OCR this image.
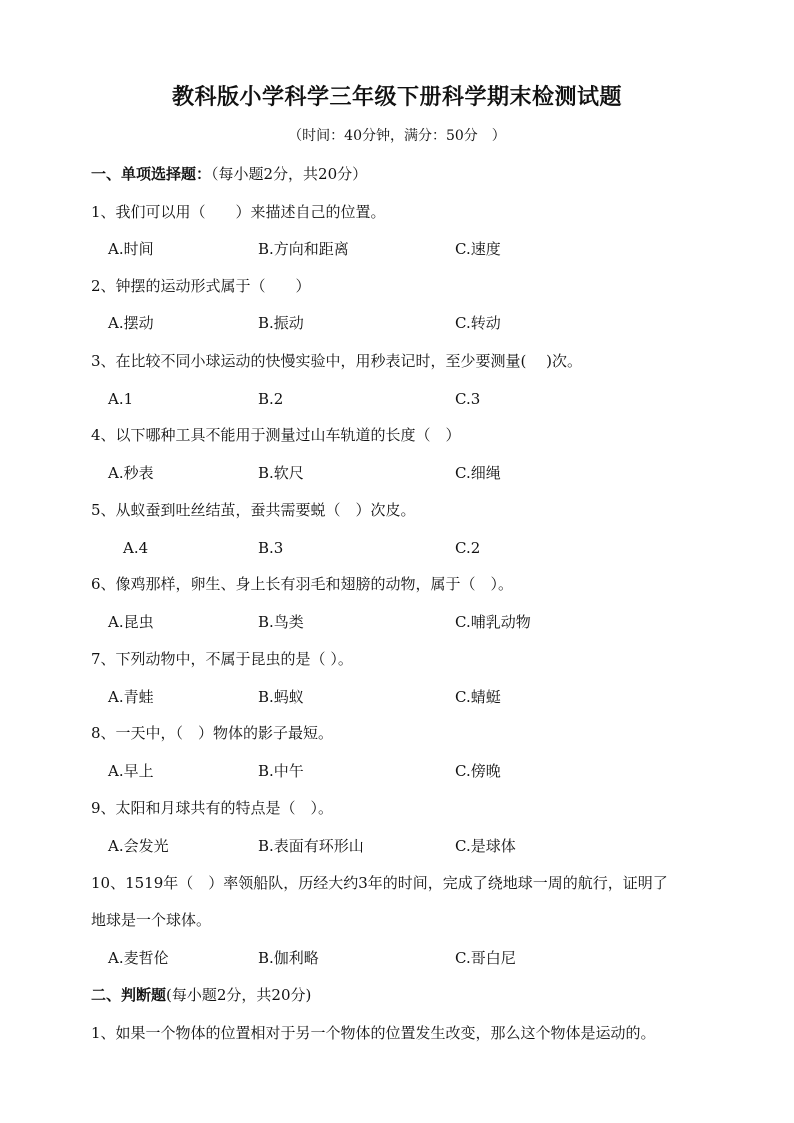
教科版小学科学三年级下册科学期末检测试题
（时间：40分钟，满分：50分　）
一、单项选择题：（每小题2分，共20分）
1、我们可以用（　　）来描述自己的位置。
A.时间	B.方向和距离	C.速度
2、钟摆的运动形式属于（　　）
A.摆动	B.振动	C.转动
3、在比较不同小球运动的快慢实验中，用秒表记时，至少要测量(　 )次。
A.1	B.2	C.3
4、以下哪种工具不能用于测量过山车轨道的长度（　）
A.秒表	B.软尺	C.细绳
5、从蚁蚕到吐丝结茧，蚕共需要蜕（　）次皮。
A.4	B.3	C.2
6、像鸡那样，卵生、身上长有羽毛和翅膀的动物，属于（　）。
A.昆虫	B.鸟类	C.哺乳动物
7、下列动物中，不属于昆虫的是（ ）。
A.青蛙	B.蚂蚁	C.蜻蜓
8、一天中，（　）物体的影子最短。
A.早上	B.中午	C.傍晚
9、太阳和月球共有的特点是（　）。
A.会发光	B.表面有环形山	C.是球体
10、1519年（　）率领船队，历经大约3年的时间，完成了绕地球一周的航行，证明了
地球是一个球体。
A.麦哲伦	B.伽利略	C.哥白尼
二、判断题(每小题2分，共20分)
1、如果一个物体的位置相对于另一个物体的位置发生改变，那么这个物体是运动的。
